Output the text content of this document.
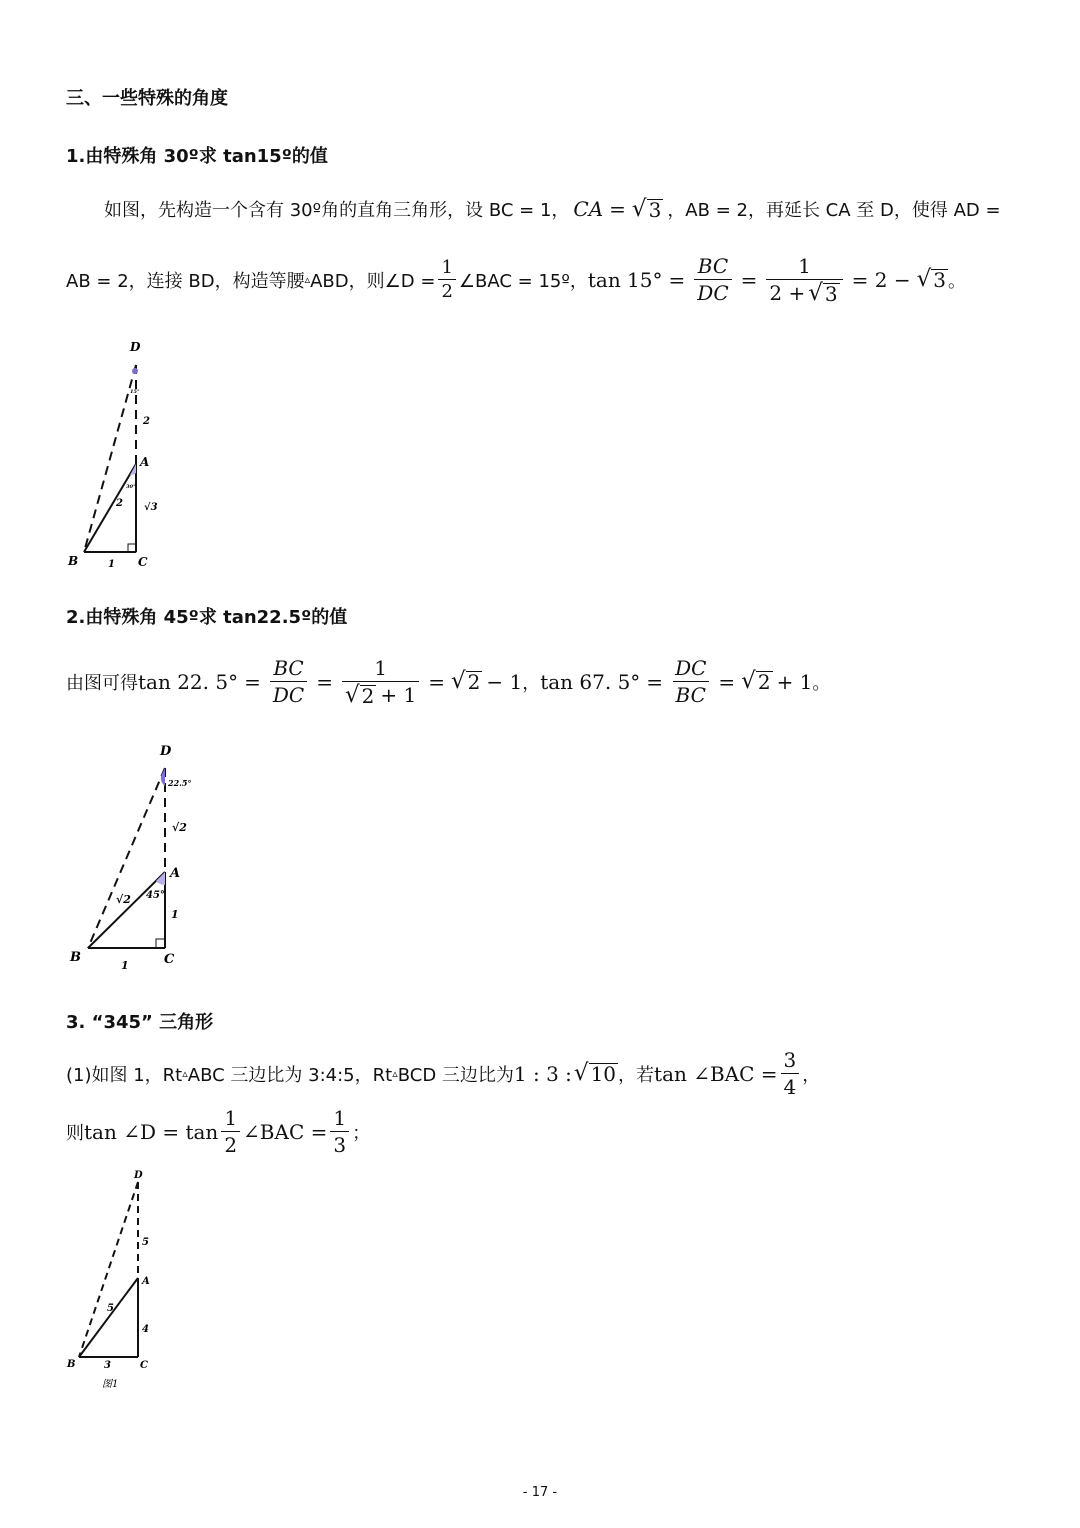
三、一些特殊的角度
1.由特殊角 30º求 tan15º的值
如图，先构造一个含有 30º角的直角三角形，设 BC = 1， CA = √ 3 ，AB = 2，再延长 CA 至 D，使得 AD =
AB = 2，连接 BD，构造等腰 ▵ ABD，则∠D = $\frac{1}{2}$ ∠BAC = 15º， $\tan 15^\circ = \frac{BC}{DC} = \frac{1}{2 + √ 3} = 2$ − √ 3 。
D
A
B	C
2
2 √3
1
15°
30°
2.由特殊角 45º求 tan22.5º的值
由图可得 tan 22. $5^\circ = \frac{BC}{DC} = \frac{1}{√ 2 + 1}$ = √ 2 − 1 ， tan 67. $5^\circ = \frac{DC}{BC}$ = √ 2 + 1 。
D
A
B	C
22.5°
√2
√2 45°
1
1
3. “345” 三角形
(1)如图 1，Rt ▵ ABC 三边比为 3:4:5，Rt ▵ BCD 三边比为 1 : 3 : √ 10 ，若 tan ∠BAC = $\frac{3}{4}$ ，
则 tan ∠D = $\tan \frac{1}{2}$ ∠BAC = $\frac{1}{3}$ ；
D
A
B	C
5
5
4
3
图1
- 17 -
